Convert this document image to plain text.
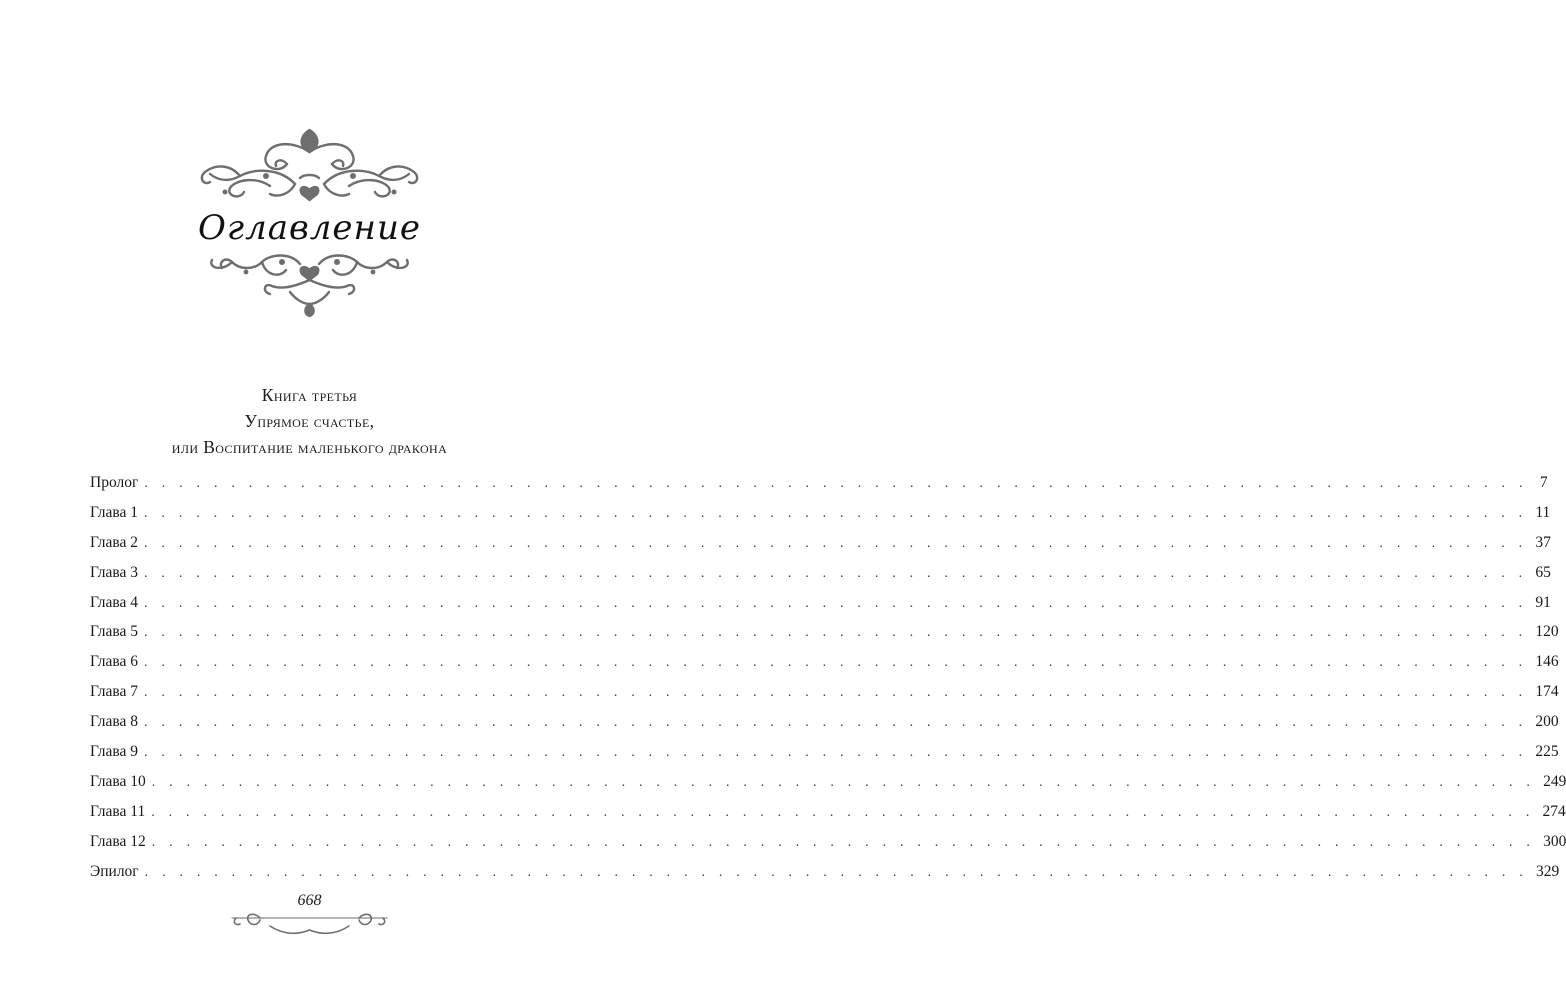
Оглавление
Книга третья
Упрямое счастье,
или Воспитание маленького дракона
Пролог . . . . . . . . . . . . . . . . . . . . . . . . . . . . . . . . . . . . . . . . . . . . . . . . . . . . . . . . . . . . . . . . . . . . . . . . . . . . . . . . 7
Глава 1 . . . . . . . . . . . . . . . . . . . . . . . . . . . . . . . . . . . . . . . . . . . . . . . . . . . . . . . . . . . . . . . . . . . . . . . . . . . . . . . . 11
Глава 2 . . . . . . . . . . . . . . . . . . . . . . . . . . . . . . . . . . . . . . . . . . . . . . . . . . . . . . . . . . . . . . . . . . . . . . . . . . . . . . . . 37
Глава 3 . . . . . . . . . . . . . . . . . . . . . . . . . . . . . . . . . . . . . . . . . . . . . . . . . . . . . . . . . . . . . . . . . . . . . . . . . . . . . . . . 65
Глава 4 . . . . . . . . . . . . . . . . . . . . . . . . . . . . . . . . . . . . . . . . . . . . . . . . . . . . . . . . . . . . . . . . . . . . . . . . . . . . . . . . 91
Глава 5 . . . . . . . . . . . . . . . . . . . . . . . . . . . . . . . . . . . . . . . . . . . . . . . . . . . . . . . . . . . . . . . . . . . . . . . . . . . . . . . . 120
Глава 6 . . . . . . . . . . . . . . . . . . . . . . . . . . . . . . . . . . . . . . . . . . . . . . . . . . . . . . . . . . . . . . . . . . . . . . . . . . . . . . . . 146
Глава 7 . . . . . . . . . . . . . . . . . . . . . . . . . . . . . . . . . . . . . . . . . . . . . . . . . . . . . . . . . . . . . . . . . . . . . . . . . . . . . . . . 174
Глава 8 . . . . . . . . . . . . . . . . . . . . . . . . . . . . . . . . . . . . . . . . . . . . . . . . . . . . . . . . . . . . . . . . . . . . . . . . . . . . . . . . 200
Глава 9 . . . . . . . . . . . . . . . . . . . . . . . . . . . . . . . . . . . . . . . . . . . . . . . . . . . . . . . . . . . . . . . . . . . . . . . . . . . . . . . . 225
Глава 10 . . . . . . . . . . . . . . . . . . . . . . . . . . . . . . . . . . . . . . . . . . . . . . . . . . . . . . . . . . . . . . . . . . . . . . . . . . . . . . . . 249
Глава 11 . . . . . . . . . . . . . . . . . . . . . . . . . . . . . . . . . . . . . . . . . . . . . . . . . . . . . . . . . . . . . . . . . . . . . . . . . . . . . . . . 274
Глава 12 . . . . . . . . . . . . . . . . . . . . . . . . . . . . . . . . . . . . . . . . . . . . . . . . . . . . . . . . . . . . . . . . . . . . . . . . . . . . . . . . 300
Эпилог . . . . . . . . . . . . . . . . . . . . . . . . . . . . . . . . . . . . . . . . . . . . . . . . . . . . . . . . . . . . . . . . . . . . . . . . . . . . . . . . 329
668
